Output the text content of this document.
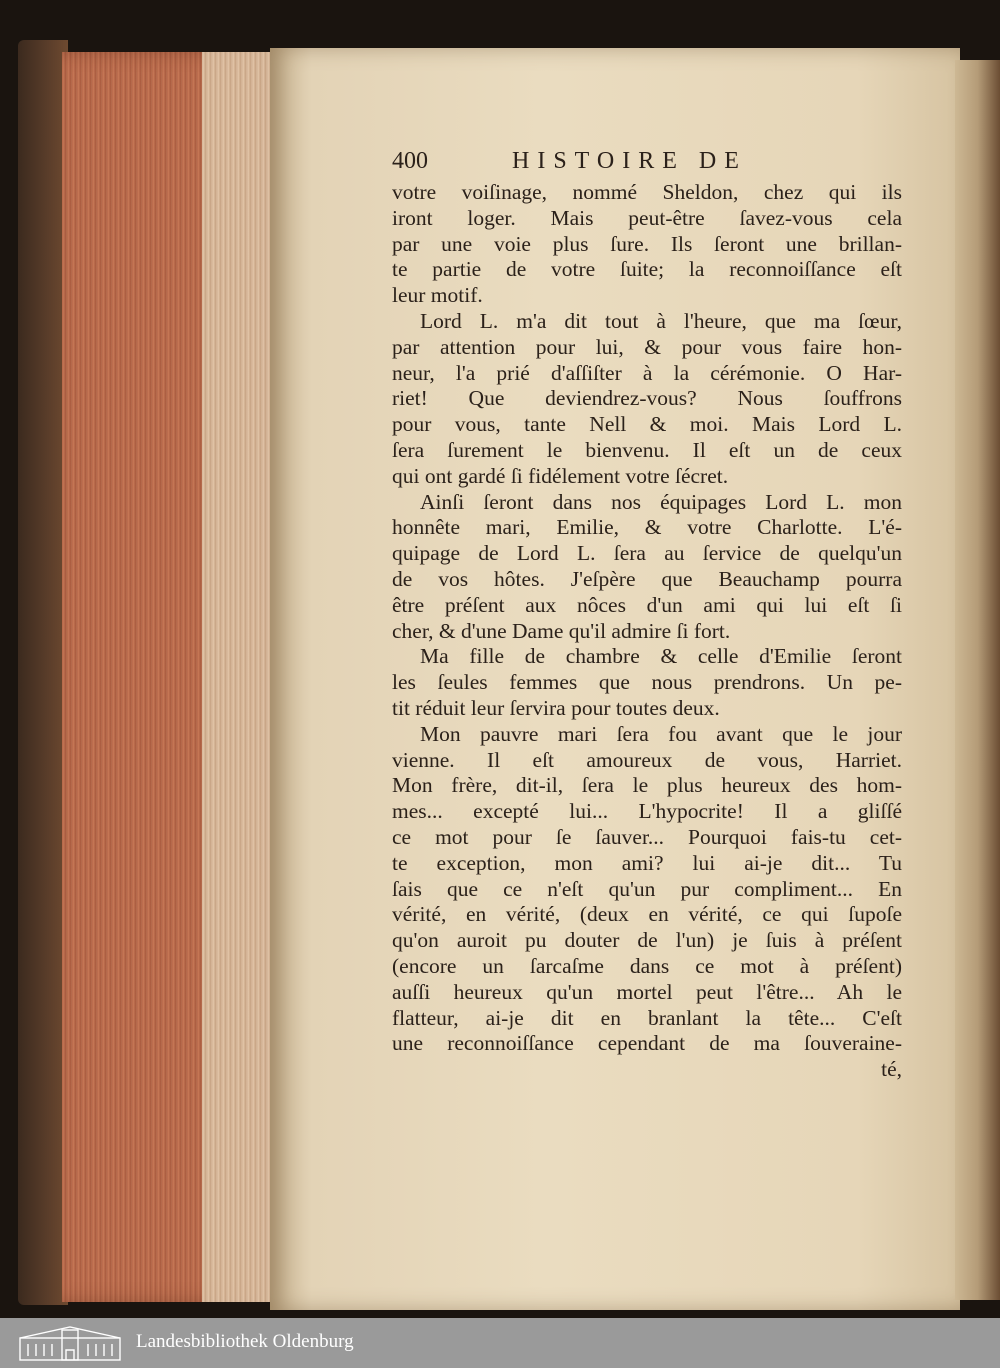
400	HISTOIRE DE
votre voiſinage, nommé Sheldon, chez qui ils
iront loger. Mais peut-être ſavez-vous cela
par une voie plus ſure. Ils ſeront une brillan-
te partie de votre ſuite; la reconnoiſſance eſt
leur motif.
Lord L. m'a dit tout à l'heure, que ma ſœur,
par attention pour lui, & pour vous faire hon-
neur, l'a prié d'aſſiſter à la cérémonie. O Har-
riet! Que deviendrez-vous? Nous ſouffrons
pour vous, tante Nell & moi. Mais Lord L.
ſera ſurement le bienvenu. Il eſt un de ceux
qui ont gardé ſi fidélement votre ſécret.
Ainſi ſeront dans nos équipages Lord L. mon
honnête mari, Emilie, & votre Charlotte. L'é-
quipage de Lord L. ſera au ſervice de quelqu'un
de vos hôtes. J'eſpère que Beauchamp pourra
être préſent aux nôces d'un ami qui lui eſt ſi
cher, & d'une Dame qu'il admire ſi fort.
Ma fille de chambre & celle d'Emilie ſeront
les ſeules femmes que nous prendrons. Un pe-
tit réduit leur ſervira pour toutes deux.
Mon pauvre mari ſera fou avant que le jour
vienne. Il eſt amoureux de vous, Harriet.
Mon frère, dit-il, ſera le plus heureux des hom-
mes... excepté lui... L'hypocrite! Il a gliſſé
ce mot pour ſe ſauver... Pourquoi fais-tu cet-
te exception, mon ami? lui ai-je dit... Tu
ſais que ce n'eſt qu'un pur compliment... En
vérité, en vérité, (deux en vérité, ce qui ſupoſe
qu'on auroit pu douter de l'un) je ſuis à préſent
(encore un ſarcaſme dans ce mot à préſent)
auſſi heureux qu'un mortel peut l'être... Ah le
flatteur, ai-je dit en branlant la tête... C'eſt
une reconnoiſſance cependant de ma ſouveraine-
té,
Landesbibliothek Oldenburg
